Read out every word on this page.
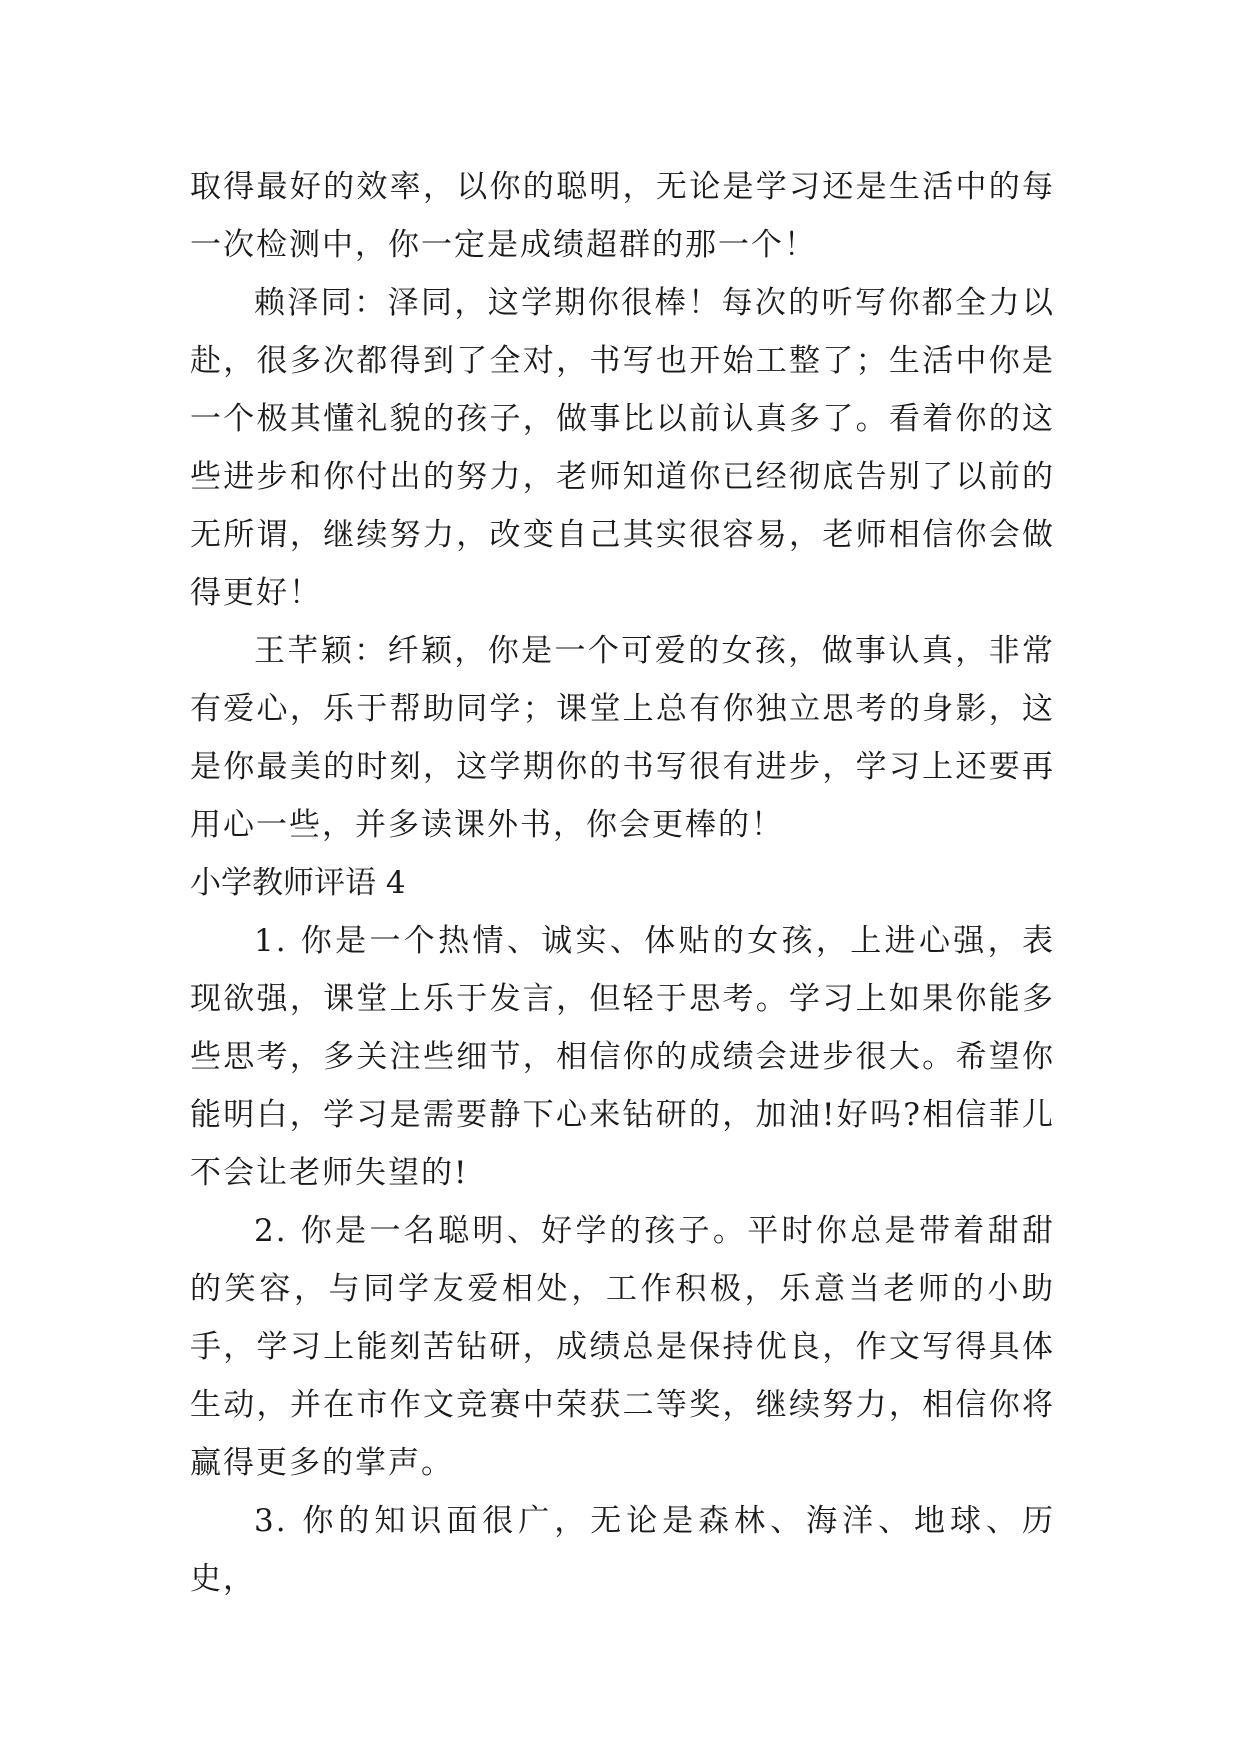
取得最好的效率，以你的聪明，无论是学习还是生活中的每一次检测中，你一定是成绩超群的那一个！

赖泽同：泽同，这学期你很棒！每次的听写你都全力以赴，很多次都得到了全对，书写也开始工整了；生活中你是一个极其懂礼貌的孩子，做事比以前认真多了。看着你的这些进步和你付出的努力，老师知道你已经彻底告别了以前的无所谓，继续努力，改变自己其实很容易，老师相信你会做得更好！

王芊颖：纤颖，你是一个可爱的女孩，做事认真，非常有爱心，乐于帮助同学；课堂上总有你独立思考的身影，这是你最美的时刻，这学期你的书写很有进步，学习上还要再用心一些，并多读课外书，你会更棒的！

小学教师评语 4

1. 你是一个热情、诚实、体贴的女孩，上进心强，表现欲强，课堂上乐于发言，但轻于思考。学习上如果你能多些思考，多关注些细节，相信你的成绩会进步很大。希望你能明白，学习是需要静下心来钻研的，加油!好吗?相信菲儿不会让老师失望的!

2. 你是一名聪明、好学的孩子。平时你总是带着甜甜的笑容，与同学友爱相处，工作积极，乐意当老师的小助手，学习上能刻苦钻研，成绩总是保持优良，作文写得具体生动，并在市作文竞赛中荣获二等奖，继续努力，相信你将赢得更多的掌声。

3. 你的知识面很广，无论是森林、海洋、地球、历史，
